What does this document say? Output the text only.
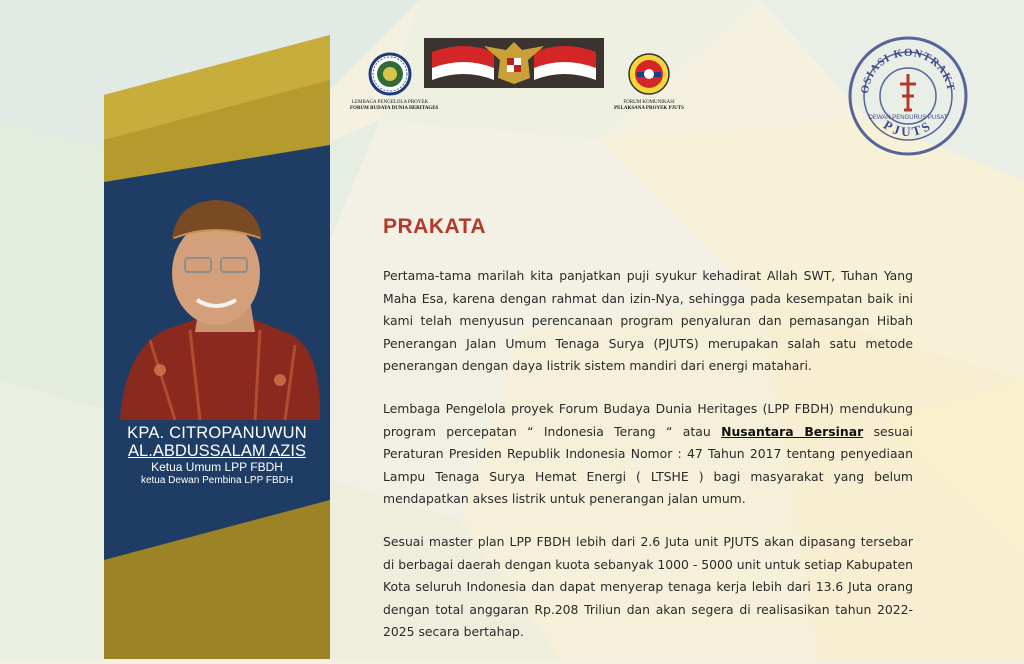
KPA. CITROPANUWUN
AL.ABDUSSALAM AZIS
Ketua Umum LPP FBDH
ketua Dewan Pembina LPP FBDH
LEMBAGA PENGELOLA PROYEK
FORUM BUDAYA DUNIA HERITAGES
FORUM KOMUNIKASI
PELAKSANA PROYEK PJUTS
OSIASI KONTRAKT
PJUTS
DEWAN PENGURUS PUSAT
PRAKATA

Pertama-tama marilah kita panjatkan puji syukur kehadirat Allah SWT, Tuhan Yang Maha Esa, karena dengan rahmat dan izin-Nya, sehingga pada kesempatan baik ini kami telah menyusun perencanaan program penyaluran dan pemasangan Hibah Penerangan Jalan Umum Tenaga Surya (PJUTS) merupakan salah satu metode penerangan dengan daya listrik sistem mandiri dari energi matahari.

Lembaga Pengelola proyek Forum Budaya Dunia Heritages (LPP FBDH) mendukung program percepatan “ Indonesia Terang “ atau Nusantara Bersinar sesuai Peraturan Presiden Republik Indonesia Nomor : 47 Tahun 2017 tentang penyediaan Lampu Tenaga Surya Hemat Energi ( LTSHE ) bagi masyarakat yang belum mendapatkan akses listrik untuk penerangan jalan umum.

Sesuai master plan LPP FBDH lebih dari 2.6 Juta unit PJUTS akan dipasang tersebar di berbagai daerah dengan kuota sebanyak 1000 - 5000 unit untuk setiap Kabupaten Kota seluruh Indonesia dan dapat menyerap tenaga kerja lebih dari 13.6 Juta orang dengan total anggaran Rp.208 Triliun dan akan segera di realisasikan tahun 2022-2025 secara bertahap.
